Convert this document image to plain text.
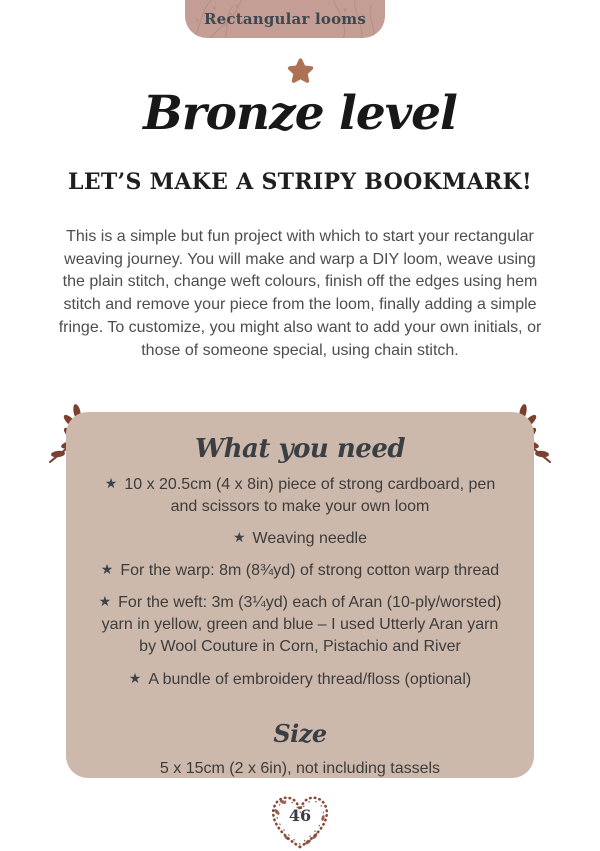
Rectangular looms
Bronze level
LET’S MAKE A STRIPY BOOKMARK!

This is a simple but fun project with which to start your rectangular weaving journey. You will make and warp a DIY loom, weave using the plain stitch, change weft colours, finish off the edges using hem stitch and remove your piece from the loom, finally adding a simple fringe. To customize, you might also want to add your own initials, or those of someone special, using chain stitch.

What you need
★ 10 x 20.5cm (4 x 8in) piece of strong cardboard, pen and scissors to make your own loom
★ Weaving needle
★ For the warp: 8m (8¾yd) of strong cotton warp thread
★ For the weft: 3m (3¼yd) each of Aran (10-ply/worsted) yarn in yellow, green and blue – I used Utterly Aran yarn by Wool Couture in Corn, Pistachio and River
★ A bundle of embroidery thread/floss (optional)
Size

5 x 15cm (2 x 6in), not including tassels

46
